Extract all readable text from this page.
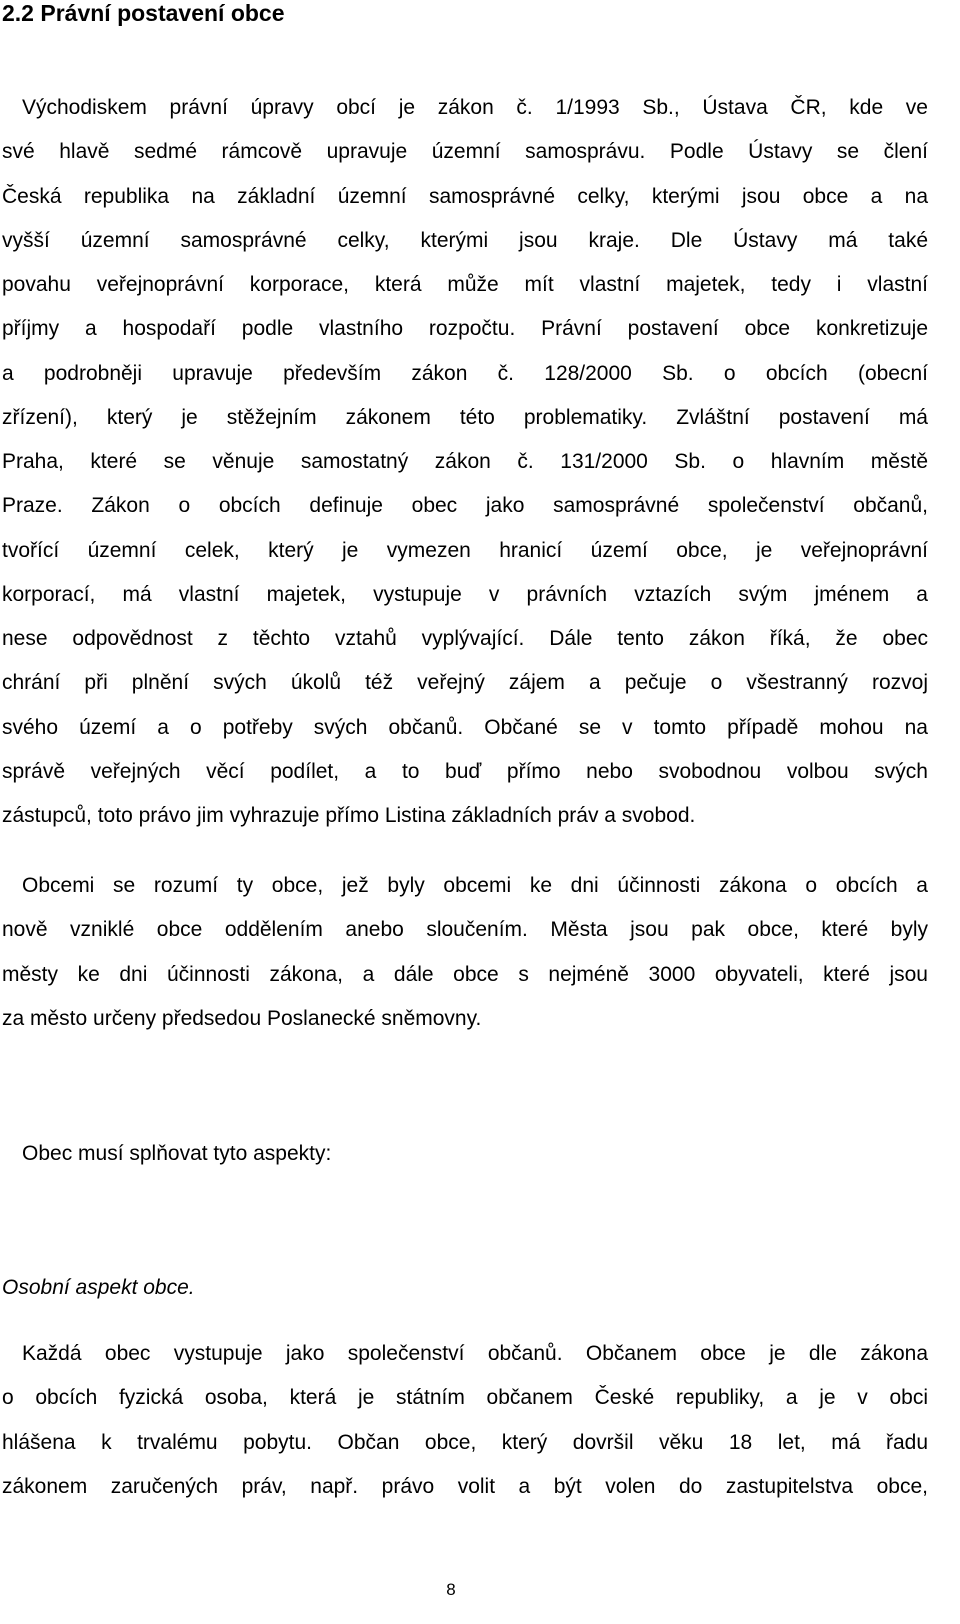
2.2 Právní postavení obce

Východiskem právní úpravy obcí je zákon č. 1/1993 Sb., Ústava ČR, kde ve
své hlavě sedmé rámcově upravuje územní samosprávu. Podle Ústavy se člení
Česká republika na základní územní samosprávné celky, kterými jsou obce a na
vyšší územní samosprávné celky, kterými jsou kraje. Dle Ústavy má také
povahu veřejnoprávní korporace, která může mít vlastní majetek, tedy i vlastní
příjmy a hospodaří podle vlastního rozpočtu. Právní postavení obce konkretizuje
a podrobněji upravuje především zákon č. 128/2000 Sb. o obcích (obecní
zřízení), který je stěžejním zákonem této problematiky. Zvláštní postavení má
Praha, které se věnuje samostatný zákon č. 131/2000 Sb. o hlavním městě
Praze. Zákon o obcích definuje obec jako samosprávné společenství občanů,
tvořící územní celek, který je vymezen hranicí území obce, je veřejnoprávní
korporací, má vlastní majetek, vystupuje v právních vztazích svým jménem a
nese odpovědnost z těchto vztahů vyplývající. Dále tento zákon říká, že obec
chrání při plnění svých úkolů též veřejný zájem a pečuje o všestranný rozvoj
svého území a o potřeby svých občanů. Občané se v tomto případě mohou na
správě veřejných věcí podílet, a to buď přímo nebo svobodnou volbou svých
zástupců, toto právo jim vyhrazuje přímo Listina základních práv a svobod.

Obcemi se rozumí ty obce, jež byly obcemi ke dni účinnosti zákona o obcích a
nově vzniklé obce oddělením anebo sloučením. Města jsou pak obce, které byly
městy ke dni účinnosti zákona, a dále obce s nejméně 3000 obyvateli, které jsou
za město určeny předsedou Poslanecké sněmovny.

Obec musí splňovat tyto aspekty:

Osobní aspekt obce.

Každá obec vystupuje jako společenství občanů. Občanem obce je dle zákona
o obcích fyzická osoba, která je státním občanem České republiky, a je v obci
hlášena k trvalému pobytu. Občan obce, který dovršil věku 18 let, má řadu
zákonem zaručených práv, např. právo volit a být volen do zastupitelstva obce,

8
